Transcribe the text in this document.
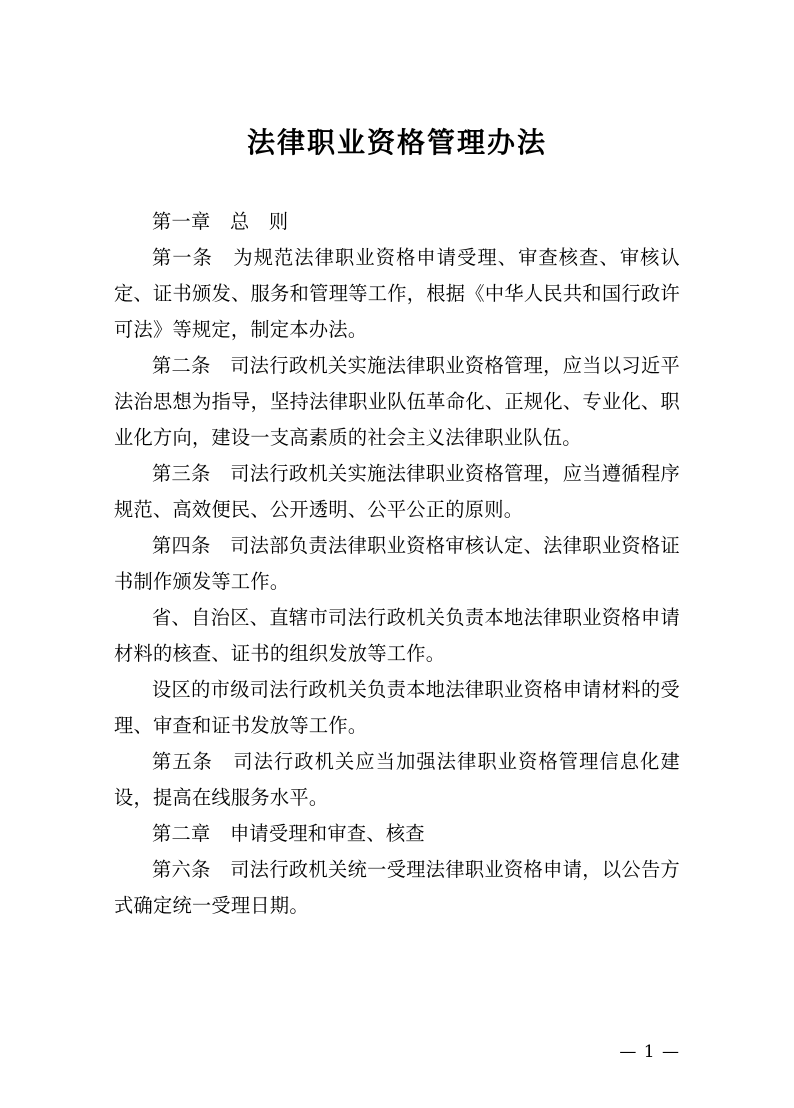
法律职业资格管理办法

第一章　总　则

第一条　为规范法律职业资格申请受理、审查核查、审核认定、证书颁发、服务和管理等工作，根据《中华人民共和国行政许可法》等规定，制定本办法。

第二条　司法行政机关实施法律职业资格管理，应当以习近平法治思想为指导，坚持法律职业队伍革命化、正规化、专业化、职业化方向，建设一支高素质的社会主义法律职业队伍。

第三条　司法行政机关实施法律职业资格管理，应当遵循程序规范、高效便民、公开透明、公平公正的原则。

第四条　司法部负责法律职业资格审核认定、法律职业资格证书制作颁发等工作。

省、自治区、直辖市司法行政机关负责本地法律职业资格申请材料的核查、证书的组织发放等工作。

设区的市级司法行政机关负责本地法律职业资格申请材料的受理、审查和证书发放等工作。

第五条　司法行政机关应当加强法律职业资格管理信息化建设，提高在线服务水平。

第二章　申请受理和审查、核查

第六条　司法行政机关统一受理法律职业资格申请，以公告方式确定统一受理日期。

— 1 —
